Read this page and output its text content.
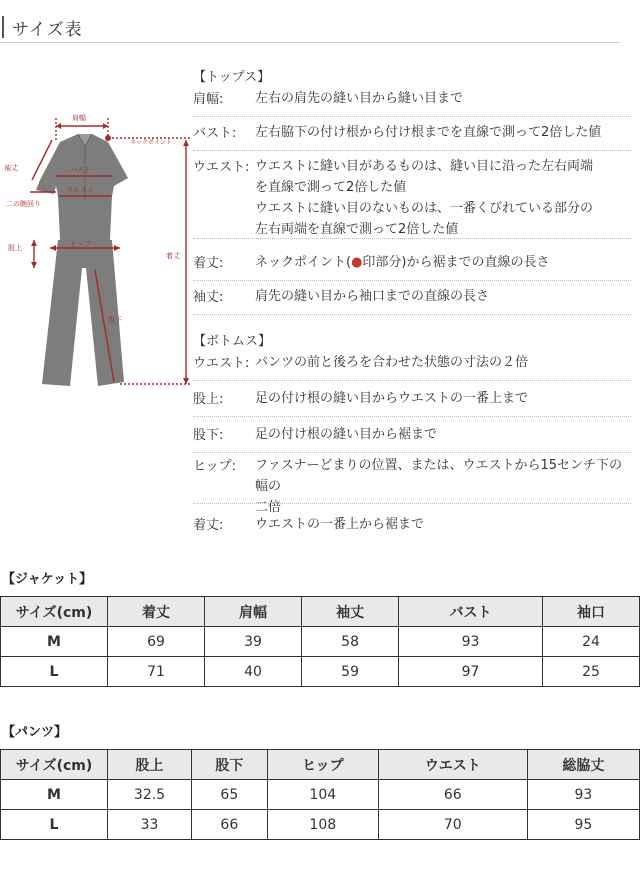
サイズ表
肩幅
ネックポイント
袖丈	バスト
ウエスト
二の腕回り
股上	ヒップ
股下
着丈
【トップス】
肩幅: 左右の肩先の縫い目から縫い目まで
バスト: 左右脇下の付け根から付け根までを直線で測って2倍した値
ウエスト: ウエストに縫い目があるものは、縫い目に沿った左右両端
を直線で測って2倍した値
ウエストに縫い目のないものは、一番くびれている部分の
左右両端を直線で測って2倍した値
着丈: ネックポイント(●印部分)から裾までの直線の長さ
袖丈: 肩先の縫い目から袖口までの直線の長さ
【ボトムス】
ウエスト: パンツの前と後ろを合わせた状態の寸法の２倍
股上: 足の付け根の縫い目からウエストの一番上まで
股下: 足の付け根の縫い目から裾まで
ヒップ: ファスナーどまりの位置、または、ウエストから15センチ下の幅の
二倍
着丈: ウエストの一番上から裾まで
【ジャケット】
サイズ(cm)	着丈	肩幅	袖丈	バスト	袖口
M	69	39	58	93	24
L	71	40	59	97	25
【パンツ】
サイズ(cm)	股上	股下	ヒップ	ウエスト	総脇丈
M	32.5	65	104	66	93
L	33	66	108	70	95
